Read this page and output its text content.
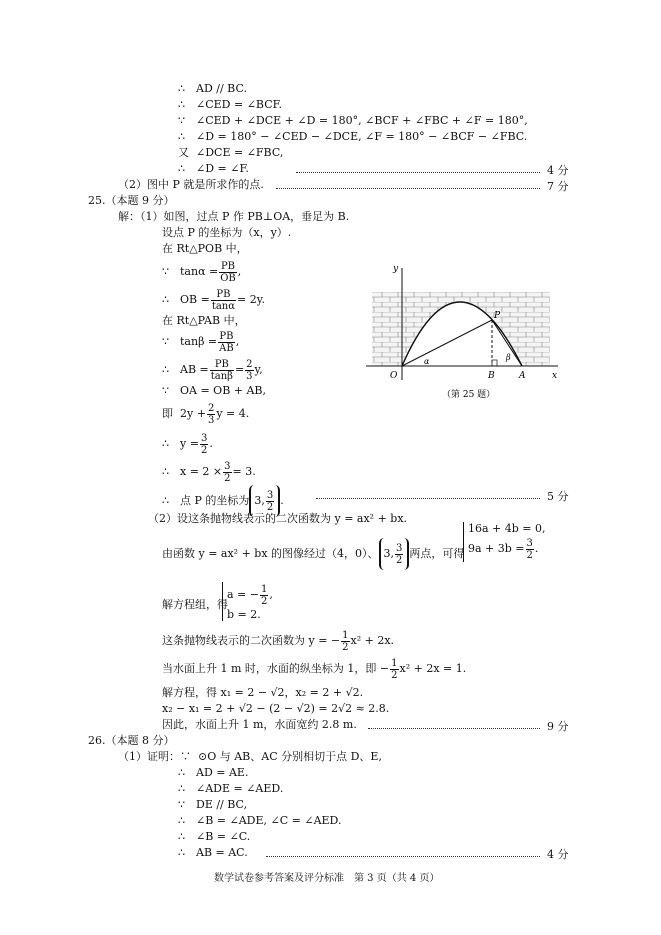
∴ AD // BC.
∴ ∠CED = ∠BCF.
∵ ∠CED + ∠DCE + ∠D = 180°, ∠BCF + ∠FBC + ∠F = 180°,
∴ ∠D = 180° − ∠CED − ∠DCE, ∠F = 180° − ∠BCF − ∠FBC.
又 ∠DCE = ∠FBC,
∴ ∠D = ∠F.	4 分
（2）图中 P 就是所求作的点.	7 分
25.（本题 9 分）
解：（1）如图，过点 P 作 PB⊥OA，垂足为 B.
设点 P 的坐标为（x，y）.
在 Rt△POB 中，
∵ $\tan\alpha = \frac{PB}{OB}$ ,
∴ OB = $\frac{PB}{\tan\alpha} = 2y$.
在 Rt△PAB 中，
∵ $\tan\beta = \frac{PB}{AB}$ ,
∴ AB = $\frac{PB}{\tan\beta} = \frac{2}{3} y$,
∵ OA = OB + AB,
即 $2y + \frac{2}{3}$ y = 4.
∴ $y = \frac{3}{2}$ .
∴ $x = 2 \times \frac{3}{2} = 3$.
∴ 点 P 的坐标为 3, $\frac{3}{2}$ .	5 分
（2）设这条抛物线表示的二次函数为 y = ax² + bx.
由函数 y = ax² + bx 的图像经过（4，0）、 3, $\frac{3}{2}$ 两点，可得
16a + 4b = 0,
$9a + 3b = \frac{3}{2}$ .
解方程组，得
a = − $\frac{1}{2}$ ,
b = 2.
这条抛物线表示的二次函数为 y = − $\frac{1}{2} x^2 + 2x$.
当水面上升 1 m 时，水面的纵坐标为 1，即 − $\frac{1}{2} x^2 + 2x = 1$.
解方程，得 x₁ = 2 − √2，x₂ = 2 + √2.
x₂ − x₁ = 2 + √2 − (2 − √2) = 2√2 ≈ 2.8.
因此，水面上升 1 m，水面宽约 2.8 m.	9 分
y
x
O	B	A
P
α	β
（第 25 题）
26.（本题 8 分）
（1）证明：∵ ⊙O 与 AB、AC 分别相切于点 D、E,
∴ AD = AE.
∴ ∠ADE = ∠AED.
∵ DE // BC,
∴ ∠B = ∠ADE, ∠C = ∠AED.
∴ ∠B = ∠C.
∴ AB = AC.	4 分
数学试卷参考答案及评分标准　第 3 页（共 4 页）
